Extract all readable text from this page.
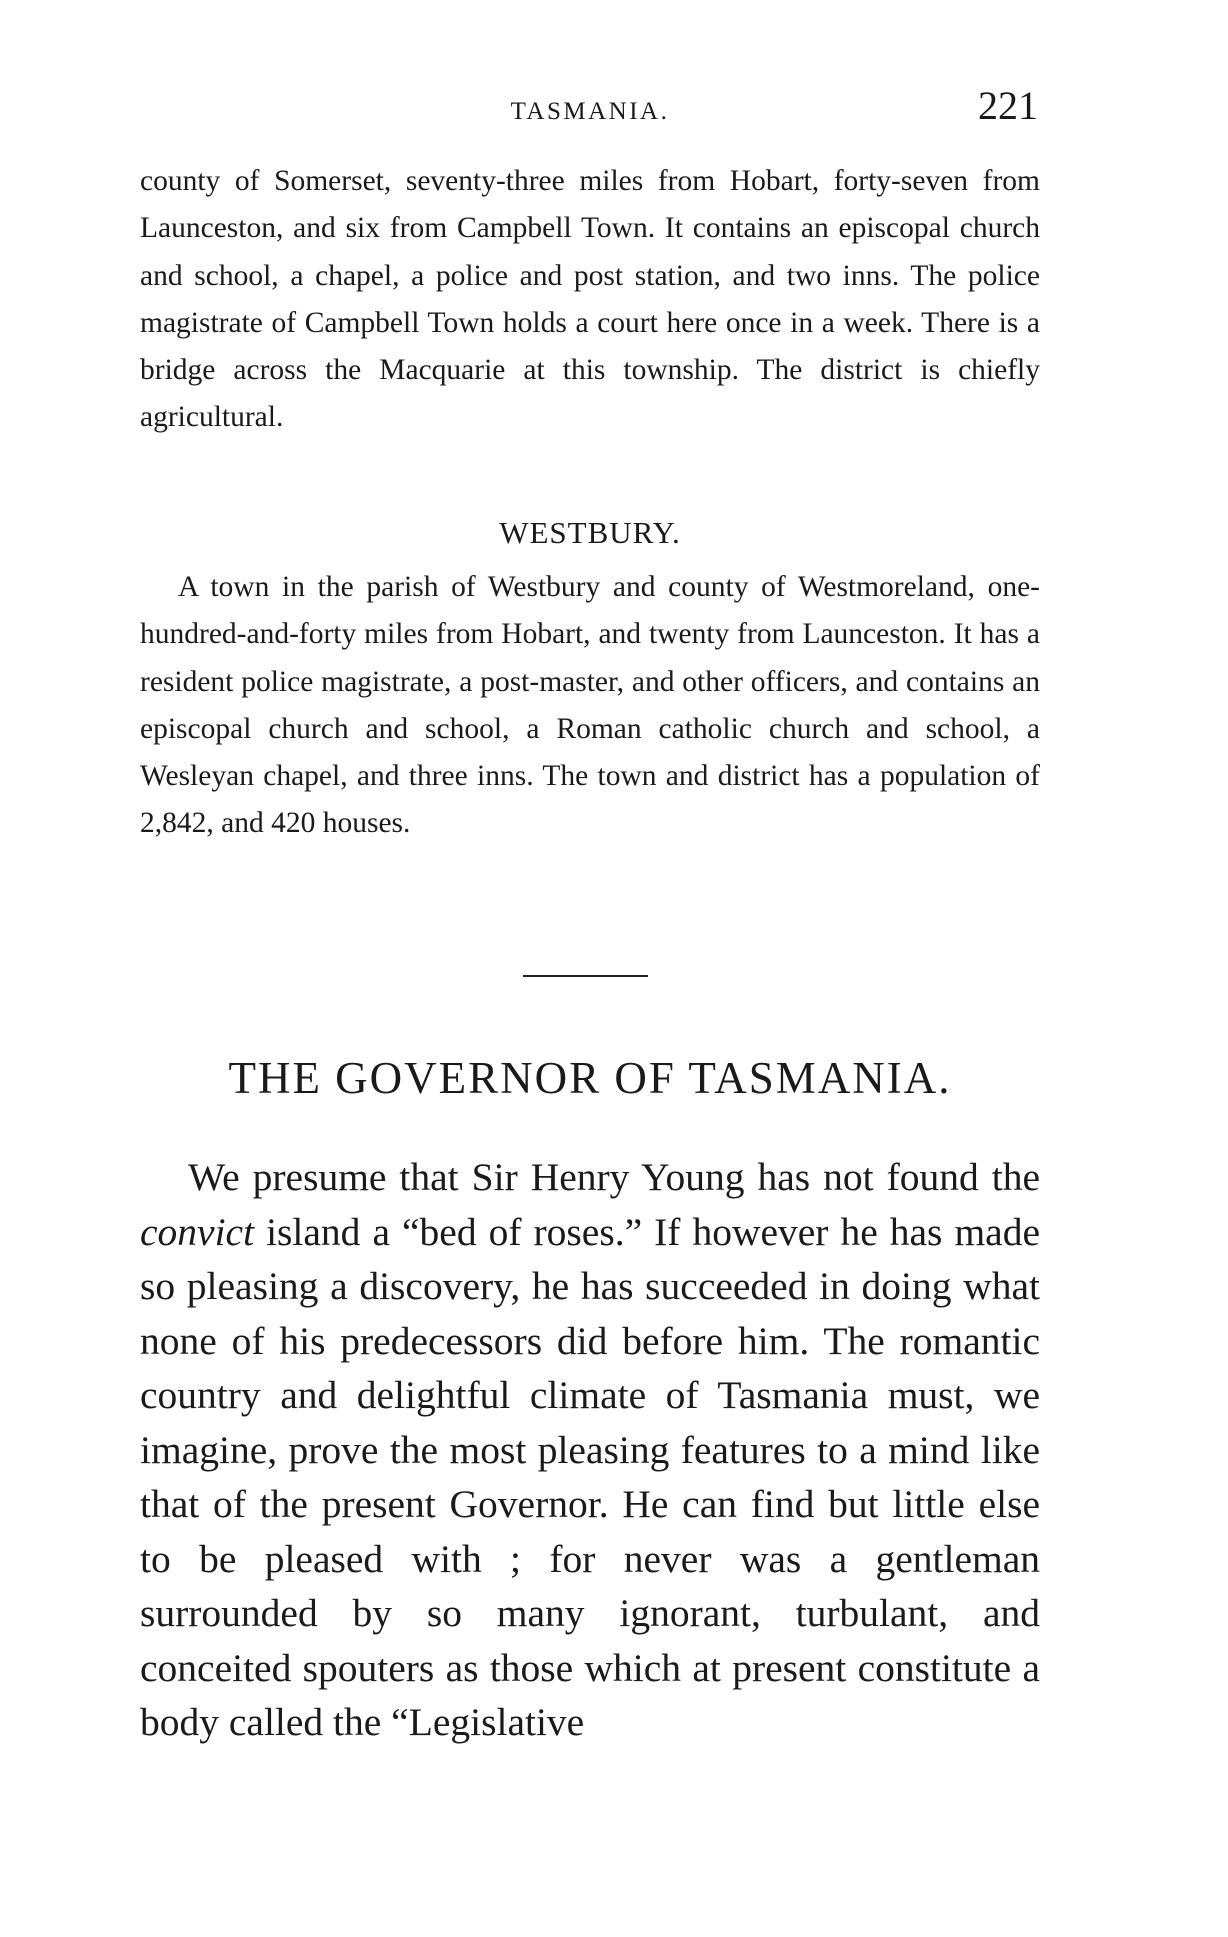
TASMANIA.	221

county of Somerset, seventy-three miles from Hobart, forty-seven from Launceston, and six from Campbell Town. It contains an episcopal church and school, a chapel, a police and post station, and two inns. The police magistrate of Campbell Town holds a court here once in a week. There is a bridge across the Macquarie at this township. The district is chiefly agricultural.

WESTBURY.

A town in the parish of Westbury and county of Westmoreland, one-hundred-and-forty miles from Hobart, and twenty from Launceston. It has a resident police magistrate, a post-master, and other officers, and contains an episcopal church and school, a Roman catholic church and school, a Wesleyan chapel, and three inns. The town and district has a population of 2,842, and 420 houses.

THE GOVERNOR OF TASMANIA.

We presume that Sir Henry Young has not found the convict island a “bed of roses.” If however he has made so pleasing a discovery, he has succeeded in doing what none of his predecessors did before him. The romantic country and delightful climate of Tasmania must, we imagine, prove the most pleasing features to a mind like that of the present Governor. He can find but little else to be pleased with ; for never was a gentleman surrounded by so many ignorant, turbulant, and conceited spouters as those which at present constitute a body called the “Legislative
